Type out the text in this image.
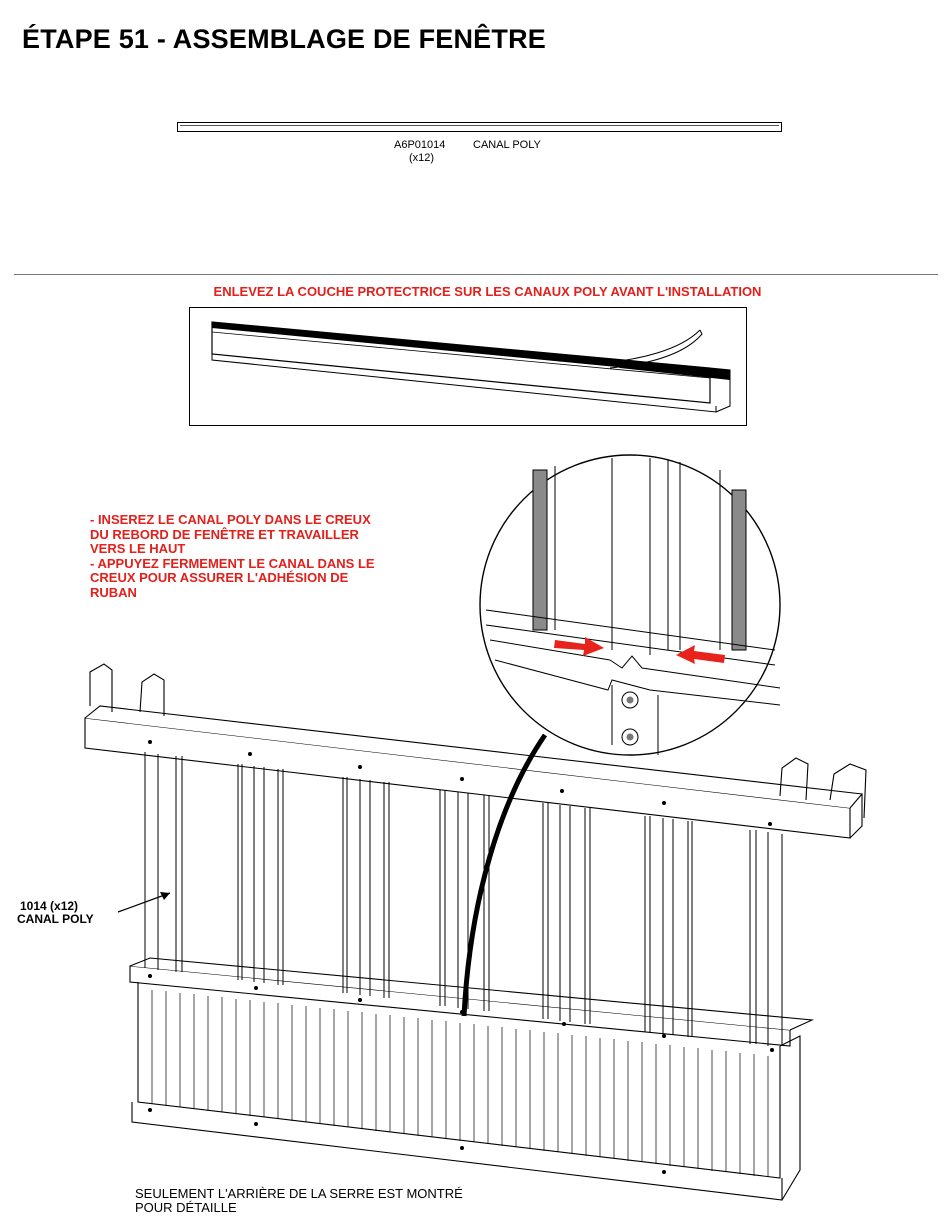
ÉTAPE 51 - ASSEMBLAGE DE FENÊTRE
A6P01014
(x12)
CANAL POLY
ENLEVEZ LA COUCHE PROTECTRICE SUR LES CANAUX POLY AVANT L'INSTALLATION
- INSEREZ LE CANAL POLY DANS LE CREUX
DU REBORD DE FENÊTRE ET TRAVAILLER
VERS LE HAUT
- APPUYEZ FERMEMENT LE CANAL DANS LE
CREUX POUR ASSURER L'ADHÉSION DE
RUBAN
1014 (x12)
CANAL POLY
SEULEMENT L'ARRIÈRE DE LA SERRE EST MONTRÉ
POUR DÉTAILLE
